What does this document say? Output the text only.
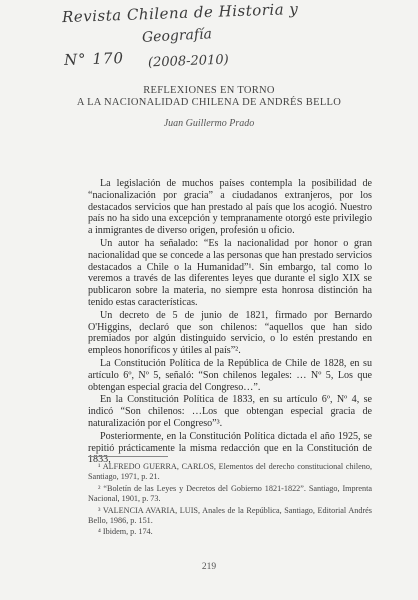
Revista Chilena de Historia y
Geografía
N° 170 (2008-2010)
REFLEXIONES EN TORNO
A LA NACIONALIDAD CHILENA DE ANDRÉS BELLO
Juan Guillermo Prado

La legislación de muchos países contempla la posibilidad de “nacionalización por gracia” a ciudadanos extranjeros, por los destacados servicios que han prestado al país que los acogió. Nuestro país no ha sido una excepción y tempranamente otorgó este privilegio a inmigrantes de diverso origen, profesión u oficio.

Un autor ha señalado: “Es la nacionalidad por honor o gran nacionalidad que se concede a las personas que han prestado servicios destacados a Chile o la Humanidad”¹. Sin embargo, tal como lo veremos a través de las diferentes leyes que durante el siglo XIX se publicaron sobre la materia, no siempre esta honrosa distinción ha tenido estas características.

Un decreto de 5 de junio de 1821, firmado por Bernardo O'Higgins, declaró que son chilenos: “aquellos que han sido premiados por algún distinguido servicio, o lo estén prestando en empleos honoríficos y útiles al país”².

La Constitución Política de la República de Chile de 1828, en su artículo 6º, Nº 5, señaló: “Son chilenos legales: … Nº 5, Los que obtengan especial gracia del Congreso…”.

En la Constitución Política de 1833, en su artículo 6º, Nº 4, se indicó “Son chilenos: …Los que obtengan especial gracia de naturalización por el Congreso”³.

Posteriormente, en la Constitución Política dictada el año 1925, se repitió prácticamente la misma redacción que en la Constitución de 1833,

¹ ALFREDO GUERRA, CARLOS, Elementos del derecho constitucional chileno, Santiago, 1971, p. 21.

² “Boletín de las Leyes y Decretos del Gobierno 1821-1822”. Santiago, Imprenta Nacional, 1901, p. 73.

³ VALENCIA AVARIA, LUIS, Anales de la República, Santiago, Editorial Andrés Bello, 1986, p. 151.

⁴ Ibidem, p. 174.

219
